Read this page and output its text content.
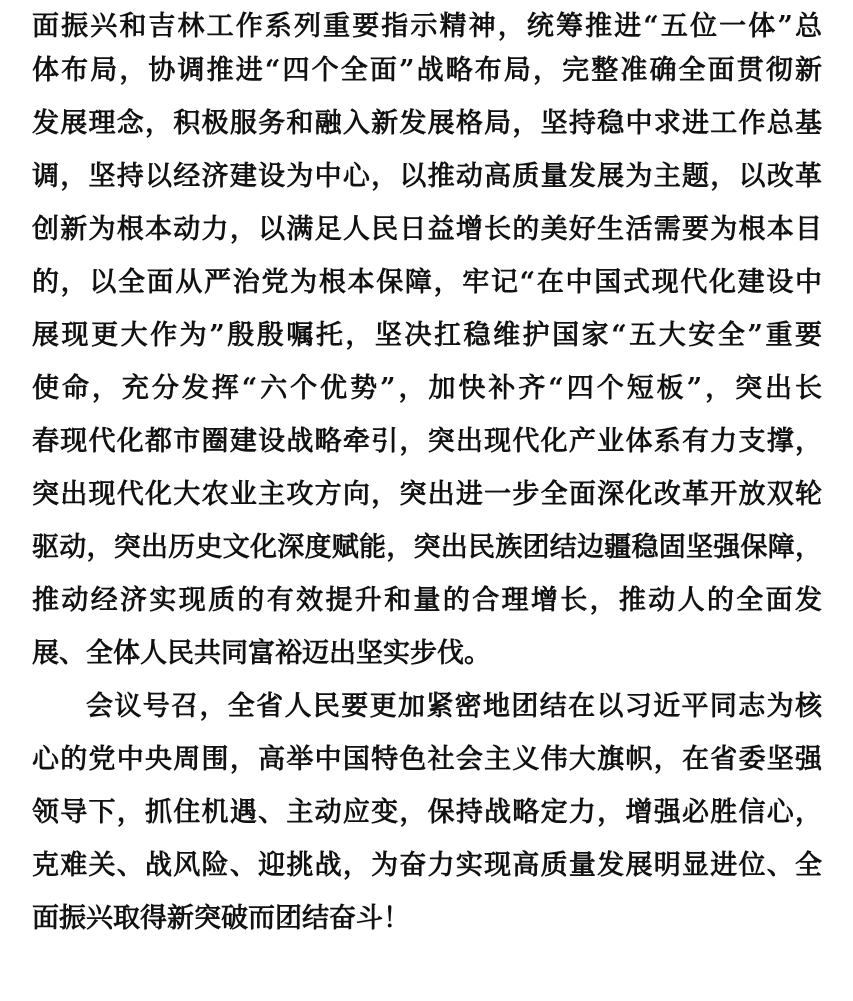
面振兴和吉林工作系列重要指示精神，统筹推进“五位一体”总
体布局，协调推进“四个全面”战略布局，完整准确全面贯彻新
发展理念，积极服务和融入新发展格局，坚持稳中求进工作总基
调，坚持以经济建设为中心，以推动高质量发展为主题，以改革
创新为根本动力，以满足人民日益增长的美好生活需要为根本目
的，以全面从严治党为根本保障，牢记“在中国式现代化建设中
展现更大作为”殷殷嘱托，坚决扛稳维护国家“五大安全”重要
使命，充分发挥“六个优势”，加快补齐“四个短板”，突出长
春现代化都市圈建设战略牵引，突出现代化产业体系有力支撑，
突出现代化大农业主攻方向，突出进一步全面深化改革开放双轮
驱动，突出历史文化深度赋能，突出民族团结边疆稳固坚强保障，
推动经济实现质的有效提升和量的合理增长，推动人的全面发
展、全体人民共同富裕迈出坚实步伐。
会议号召，全省人民要更加紧密地团结在以习近平同志为核
心的党中央周围，高举中国特色社会主义伟大旗帜，在省委坚强
领导下，抓住机遇、主动应变，保持战略定力，增强必胜信心，
克难关、战风险、迎挑战，为奋力实现高质量发展明显进位、全
面振兴取得新突破而团结奋斗！
